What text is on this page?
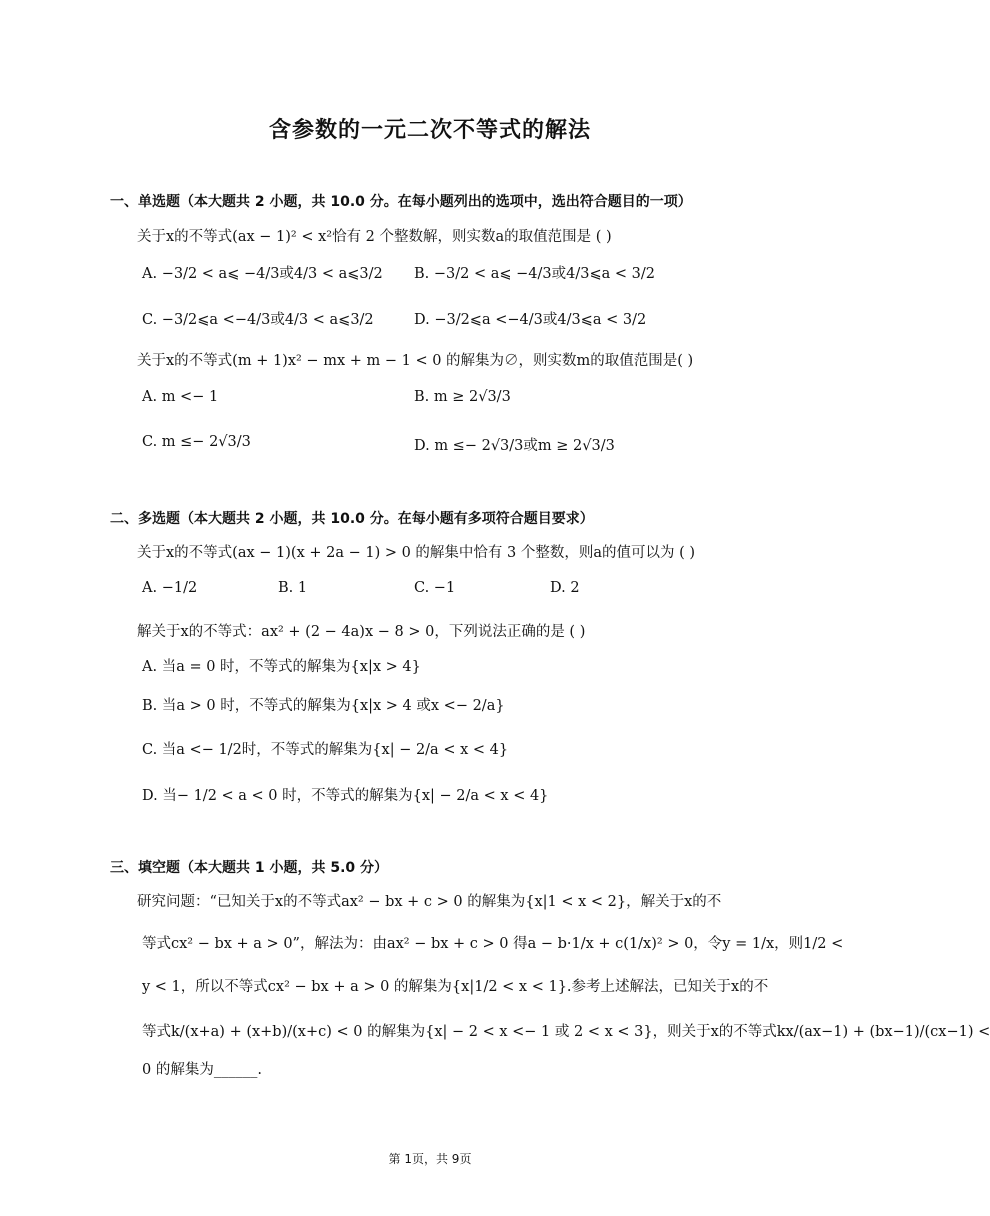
含参数的一元二次不等式的解法
一、单选题（本大题共 2 小题，共 10.0 分。在每小题列出的选项中，选出符合题目的一项）
关于x的不等式(ax − 1)² < x²恰有 2 个整数解，则实数a的取值范围是 ( )
A. −3/2 < a⩽ −4/3或4/3 < a⩽3/2 B. −3/2 < a⩽ −4/3或4/3⩽a < 3/2
C. −3/2⩽a <−4/3或4/3 < a⩽3/2	D. −3/2⩽a <−4/3或4/3⩽a < 3/2
关于x的不等式(m + 1)x² − mx + m − 1 < 0 的解集为∅，则实数m的取值范围是( )
A. m <− 1	B. m ≥ 2√3/3
C. m ≤− 2√3/3	D. m ≤− 2√3/3或m ≥ 2√3/3
二、多选题（本大题共 2 小题，共 10.0 分。在每小题有多项符合题目要求）
关于x的不等式(ax − 1)(x + 2a − 1) > 0 的解集中恰有 3 个整数，则a的值可以为 ( )
A. −1/2	B. 1	C. −1	D. 2
解关于x的不等式：ax² + (2 − 4a)x − 8 > 0，下列说法正确的是 ( )
A. 当a = 0 时，不等式的解集为{x|x > 4}
B. 当a > 0 时，不等式的解集为{x|x > 4 或x <− 2/a}
C. 当a <− 1/2时，不等式的解集为{x| − 2/a < x < 4}
D. 当− 1/2 < a < 0 时，不等式的解集为{x| − 2/a < x < 4}
三、填空题（本大题共 1 小题，共 5.0 分）
研究问题：“已知关于x的不等式ax² − bx + c > 0 的解集为{x|1 < x < 2}，解关于x的不
等式cx² − bx + a > 0”，解法为：由ax² − bx + c > 0 得a − b·1/x + c(1/x)² > 0，令y = 1/x，则1/2 <
y < 1，所以不等式cx² − bx + a > 0 的解集为{x|1/2 < x < 1}.参考上述解法，已知关于x的不
等式k/(x+a) + (x+b)/(x+c) < 0 的解集为{x| − 2 < x <− 1 或 2 < x < 3}，则关于x的不等式kx/(ax−1) + (bx−1)/(cx−1) <
0 的解集为______.
第 1页，共 9页
